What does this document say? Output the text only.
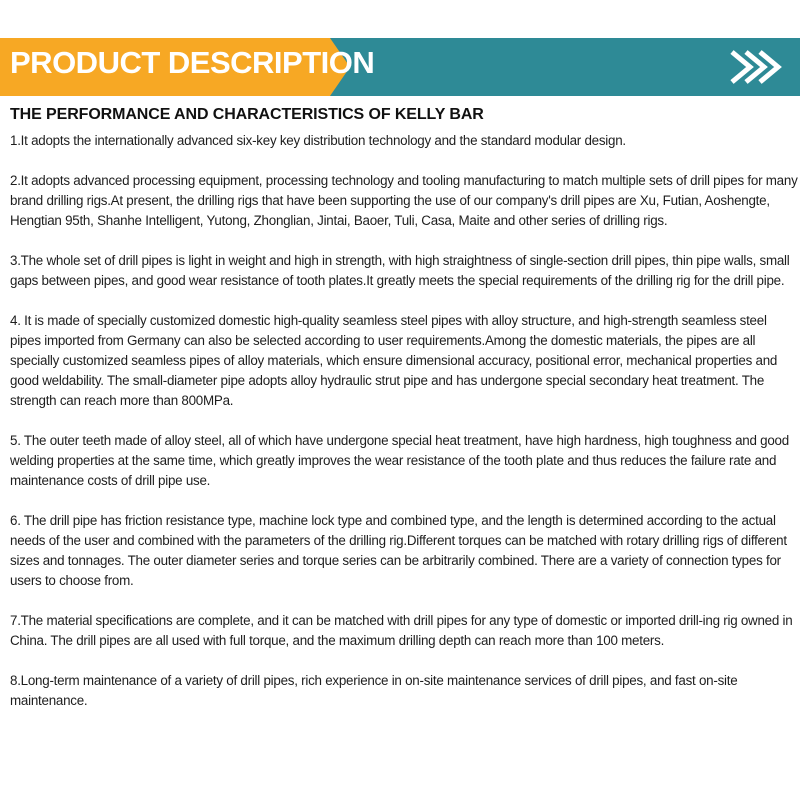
PRODUCT DESCRIPTION
THE PERFORMANCE AND CHARACTERISTICS OF KELLY BAR

1.It adopts the internationally advanced six-key key distribution technology and the standard modular design.

2.It adopts advanced processing equipment, processing technology and tooling manufacturing to match multiple sets of drill pipes for many brand drilling rigs.At present, the drilling rigs that have been supporting the use of our company's drill pipes are Xu, Futian, Aoshengte, Hengtian 95th, Shanhe Intelligent, Yutong, Zhonglian, Jintai, Baoer, Tuli, Casa, Maite and other series of drilling rigs.

3.The whole set of drill pipes is light in weight and high in strength, with high straightness of single-section drill pipes, thin pipe walls, small gaps between pipes, and good wear resistance of tooth plates.It greatly meets the special requirements of the drilling rig for the drill pipe.

4. It is made of specially customized domestic high-quality seamless steel pipes with alloy structure, and high-strength seamless steel pipes imported from Germany can also be selected according to user requirements.Among the domestic materials, the pipes are all specially customized seamless pipes of alloy materials, which ensure dimensional accuracy, positional error, mechanical properties and good weldability. The small-diameter pipe adopts alloy hydraulic strut pipe and has undergone special secondary heat treatment. The strength can reach more than 800MPa.

5. The outer teeth made of alloy steel, all of which have undergone special heat treatment, have high hardness, high toughness and good welding properties at the same time, which greatly improves the wear resistance of the tooth plate and thus reduces the failure rate and maintenance costs of drill pipe use.

6. The drill pipe has friction resistance type, machine lock type and combined type, and the length is determined according to the actual needs of the user and combined with the parameters of the drilling rig.Different torques can be matched with rotary drilling rigs of different sizes and tonnages. The outer diameter series and torque series can be arbitrarily combined. There are a variety of connection types for users to choose from.

7.The material specifications are complete, and it can be matched with drill pipes for any type of domestic or imported drill-ing rig owned in China. The drill pipes are all used with full torque, and the maximum drilling depth can reach more than 100 meters.

8.Long-term maintenance of a variety of drill pipes, rich experience in on-site maintenance services of drill pipes, and fast on-site maintenance.
